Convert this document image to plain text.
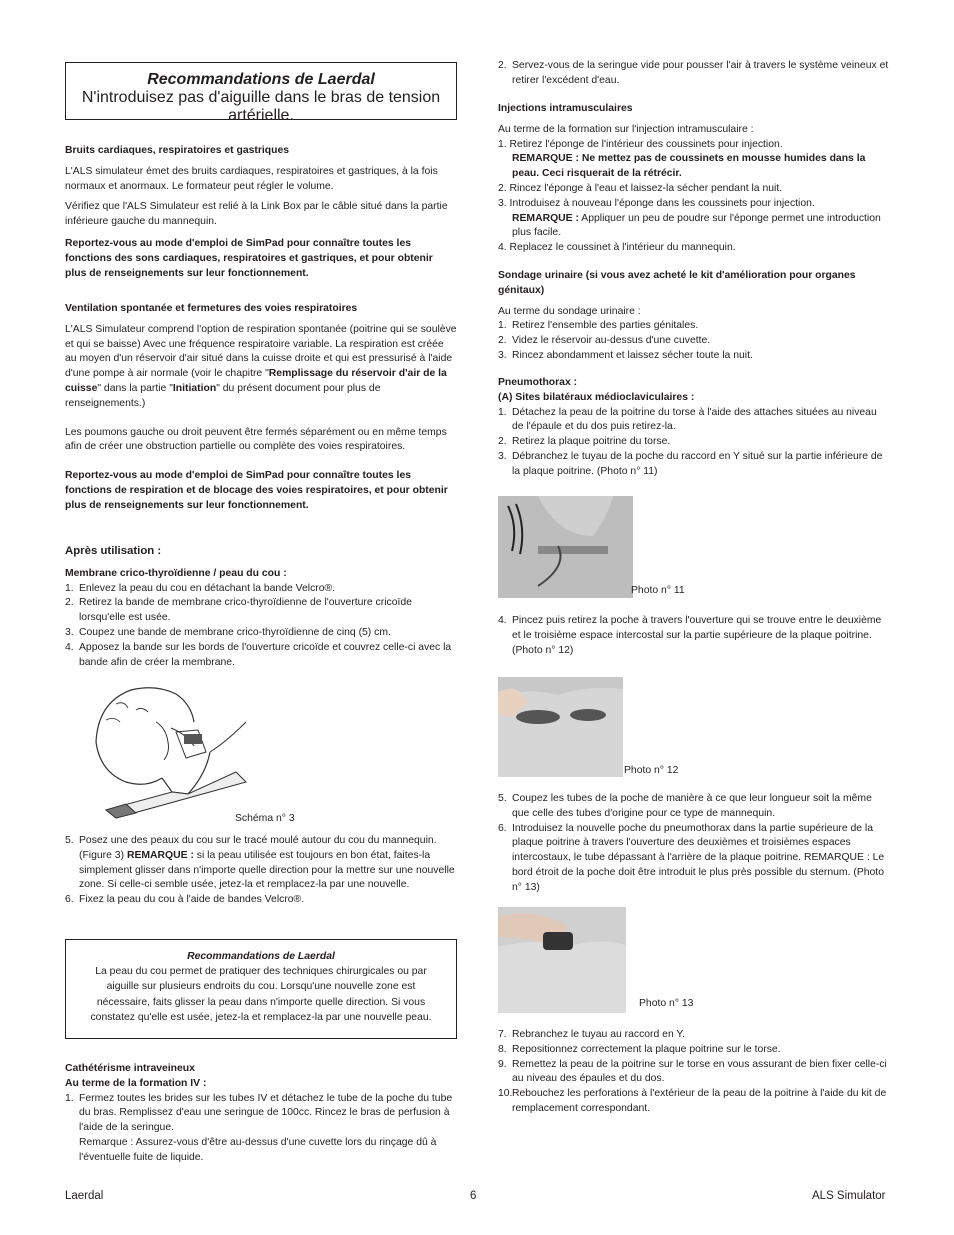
Recommandations de Laerdal

N'introduisez pas d'aiguille dans le bras de tension artérielle.

Bruits cardiaques, respiratoires et gastriques

L'ALS simulateur émet des bruits cardiaques, respiratoires et gastriques, à la fois normaux et anormaux. Le formateur peut régler le volume.

Vérifiez que l'ALS Simulateur est relié à la Link Box par le câble situé dans la partie inférieure gauche du mannequin.

Reportez-vous au mode d'emploi de SimPad pour connaître toutes les fonctions des sons cardiaques, respiratoires et gastriques, et pour obtenir plus de renseignements sur leur fonctionnement.

Ventilation spontanée et fermetures des voies respiratoires

L'ALS Simulateur comprend l'option de respiration spontanée (poitrine qui se soulève et qui se baisse) Avec une fréquence respiratoire variable. La respiration est créée au moyen d'un réservoir d'air situé dans la cuisse droite et qui est pressurisé à l'aide d'une pompe à air normale (voir le chapitre "Remplissage du réservoir d'air de la cuisse" dans la partie "Initiation" du présent document pour plus de renseignements.)

Les poumons gauche ou droit peuvent être fermés séparément ou en même temps afin de créer une obstruction partielle ou complète des voies respiratoires.

Reportez-vous au mode d'emploi de SimPad pour connaître toutes les fonctions de respiration et de blocage des voies respiratoires, et pour obtenir plus de renseignements sur leur fonctionnement.

Après utilisation :
Membrane crico-thyroïdienne / peau du cou :
1. Enlevez la peau du cou en détachant la bande Velcro®.
2. Retirez la bande de membrane crico-thyroïdienne de l'ouverture cricoïde lorsqu'elle est usée.
3. Coupez une bande de membrane crico-thyroïdienne de cinq (5) cm.
4. Apposez la bande sur les bords de l'ouverture cricoïde et couvrez celle-ci avec la bande afin de créer la membrane.

Schéma n° 3

5. Posez une des peaux du cou sur le tracé moulé autour du cou du mannequin. (Figure 3) REMARQUE : si la peau utilisée est toujours en bon état, faites-la simplement glisser dans n'importe quelle direction pour la mettre sur une nouvelle zone. Si celle-ci semble usée, jetez-la et remplacez-la par une nouvelle.
6. Fixez la peau du cou à l'aide de bandes Velcro®.

Recommandations de Laerdal

La peau du cou permet de pratiquer des techniques chirurgicales ou par aiguille sur plusieurs endroits du cou. Lorsqu'une nouvelle zone est nécessaire, faits glisser la peau dans n'importe quelle direction. Si vous constatez qu'elle est usée, jetez-la et remplacez-la par une nouvelle peau.

Cathétérisme intraveineux
Au terme de la formation IV :
1. Fermez toutes les brides sur les tubes IV et détachez le tube de la poche du tube du bras. Remplissez d'eau une seringue de 100cc. Rincez le bras de perfusion à l'aide de la seringue.
Remarque : Assurez-vous d'être au-dessus d'une cuvette lors du rinçage dû à l'éventuelle fuite de liquide.
2. Servez-vous de la seringue vide pour pousser l'air à travers le système veineux et retirer l'excédent d'eau.
Injections intramusculaires

Au terme de la formation sur l'injection intramusculaire :

1. Retirez l'éponge de l'intérieur des coussinets pour injection.

REMARQUE : Ne mettez pas de coussinets en mousse humides dans la peau. Ceci risquerait de la rétrécir.

2. Rincez l'éponge à l'eau et laissez-la sécher pendant la nuit.

3. Introduisez à nouveau l'éponge dans les coussinets pour injection.

REMARQUE : Appliquer un peu de poudre sur l'éponge permet une introduction plus facile.

4. Replacez le coussinet à l'intérieur du mannequin.

Sondage urinaire (si vous avez acheté le kit d'amélioration pour organes génitaux)

Au terme du sondage urinaire :

1. Retirez l'ensemble des parties génitales.
2. Videz le réservoir au-dessus d'une cuvette.
3. Rincez abondamment et laissez sécher toute la nuit.
Pneumothorax :
(A) Sites bilatéraux médioclaviculaires :
1. Détachez la peau de la poitrine du torse à l'aide des attaches situées au niveau de l'épaule et du dos puis retirez-la.
2. Retirez la plaque poitrine du torse.
3. Débranchez le tuyau de la poche du raccord en Y situé sur la partie inférieure de la plaque poitrine. (Photo n° 11)

Photo n° 11

4. Pincez puis retirez la poche à travers l'ouverture qui se trouve entre le deuxième et le troisième espace intercostal sur la partie supérieure de la plaque poitrine. (Photo n° 12)

Photo n° 12

5. Coupez les tubes de la poche de manière à ce que leur longueur soit la même que celle des tubes d'origine pour ce type de mannequin.
6. Introduisez la nouvelle poche du pneumothorax dans la partie supérieure de la plaque poitrine à travers l'ouverture des deuxièmes et troisièmes espaces intercostaux, le tube dépassant à l'arrière de la plaque poitrine. REMARQUE : Le bord étroit de la poche doit être introduit le plus près possible du sternum. (Photo n° 13)

Photo n° 13

7. Rebranchez le tuyau au raccord en Y.
8. Repositionnez correctement la plaque poitrine sur le torse.
9. Remettez la peau de la poitrine sur le torse en vous assurant de bien fixer celle-ci au niveau des épaules et du dos.
10. Rebouchez les perforations à l'extérieur de la peau de la poitrine à l'aide du kit de remplacement correspondant.

Laerdal	6	ALS Simulator
